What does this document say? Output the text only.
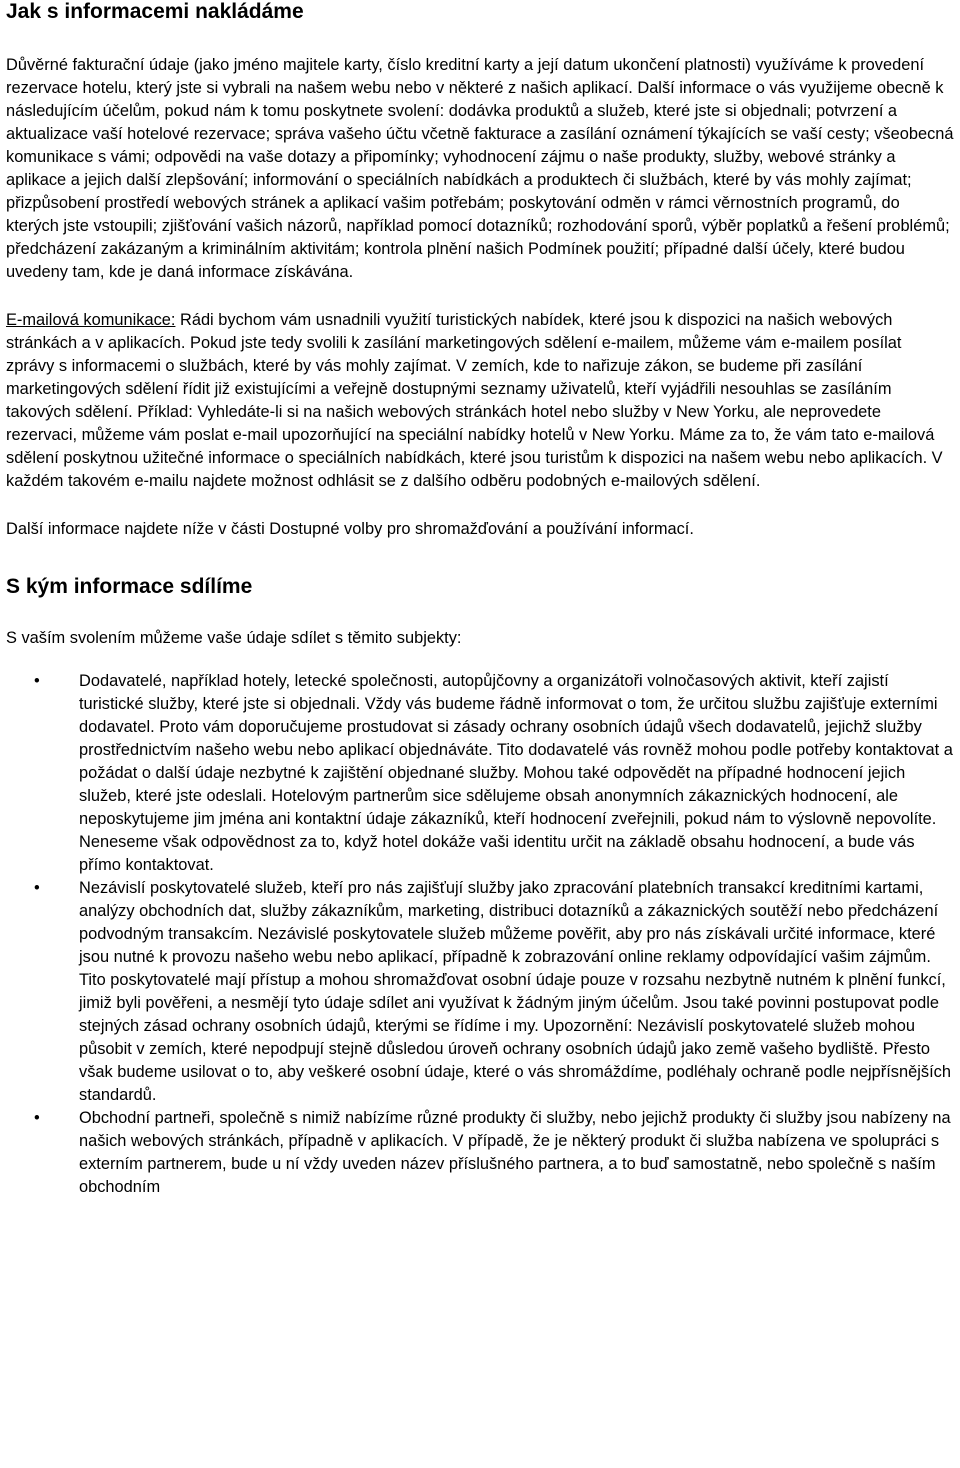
Jak s informacemi nakládáme

Důvěrné fakturační údaje (jako jméno majitele karty, číslo kreditní karty a její datum ukončení platnosti) využíváme k provedení rezervace hotelu, který jste si vybrali na našem webu nebo v některé z našich aplikací. Další informace o vás využijeme obecně k následujícím účelům, pokud nám k tomu poskytnete svolení: dodávka produktů a služeb, které jste si objednali; potvrzení a aktualizace vaší hotelové rezervace; správa vašeho účtu včetně fakturace a zasílání oznámení týkajících se vaší cesty; všeobecná komunikace s vámi; odpovědi na vaše dotazy a připomínky; vyhodnocení zájmu o naše produkty, služby, webové stránky a aplikace a jejich další zlepšování; informování o speciálních nabídkách a produktech či službách, které by vás mohly zajímat; přizpůsobení prostředí webových stránek a aplikací vašim potřebám; poskytování odměn v rámci věrnostních programů, do kterých jste vstoupili; zjišťování vašich názorů, například pomocí dotazníků; rozhodování sporů, výběr poplatků a řešení problémů; předcházení zakázaným a kriminálním aktivitám; kontrola plnění našich Podmínek použití; případné další účely, které budou uvedeny tam, kde je daná informace získávána.

E-mailová komunikace: Rádi bychom vám usnadnili využití turistických nabídek, které jsou k dispozici na našich webových stránkách a v aplikacích. Pokud jste tedy svolili k zasílání marketingových sdělení e-mailem, můžeme vám e-mailem posílat zprávy s informacemi o službách, které by vás mohly zajímat. V zemích, kde to nařizuje zákon, se budeme při zasílání marketingových sdělení řídit již existujícími a veřejně dostupnými seznamy uživatelů, kteří vyjádřili nesouhlas se zasíláním takových sdělení. Příklad: Vyhledáte-li si na našich webových stránkách hotel nebo služby v New Yorku, ale neprovedete rezervaci, můžeme vám poslat e-mail upozorňující na speciální nabídky hotelů v New Yorku. Máme za to, že vám tato e-mailová sdělení poskytnou užitečné informace o speciálních nabídkách, které jsou turistům k dispozici na našem webu nebo aplikacích. V každém takovém e-mailu najdete možnost odhlásit se z dalšího odběru podobných e-mailových sdělení.

Další informace najdete níže v části Dostupné volby pro shromažďování a používání informací.

S kým informace sdílíme

S vaším svolením můžeme vaše údaje sdílet s těmito subjekty:

• Dodavatelé, například hotely, letecké společnosti, autopůjčovny a organizátoři volnočasových aktivit, kteří zajistí turistické služby, které jste si objednali. Vždy vás budeme řádně informovat o tom, že určitou službu zajišťuje externími dodavatel. Proto vám doporučujeme prostudovat si zásady ochrany osobních údajů všech dodavatelů, jejichž služby prostřednictvím našeho webu nebo aplikací objednáváte. Tito dodavatelé vás rovněž mohou podle potřeby kontaktovat a požádat o další údaje nezbytné k zajištění objednané služby. Mohou také odpovědět na případné hodnocení jejich služeb, které jste odeslali. Hotelovým partnerům sice sdělujeme obsah anonymních zákaznických hodnocení, ale neposkytujeme jim jména ani kontaktní údaje zákazníků, kteří hodnocení zveřejnili, pokud nám to výslovně nepovolíte. Neneseme však odpovědnost za to, když hotel dokáže vaši identitu určit na základě obsahu hodnocení, a bude vás přímo kontaktovat.
• Nezávislí poskytovatelé služeb, kteří pro nás zajišťují služby jako zpracování platebních transakcí kreditními kartami, analýzy obchodních dat, služby zákazníkům, marketing, distribuci dotazníků a zákaznických soutěží nebo předcházení podvodným transakcím. Nezávislé poskytovatele služeb můžeme pověřit, aby pro nás získávali určité informace, které jsou nutné k provozu našeho webu nebo aplikací, případně k zobrazování online reklamy odpovídající vašim zájmům. Tito poskytovatelé mají přístup a mohou shromažďovat osobní údaje pouze v rozsahu nezbytně nutném k plnění funkcí, jimiž byli pověřeni, a nesmějí tyto údaje sdílet ani využívat k žádným jiným účelům. Jsou také povinni postupovat podle stejných zásad ochrany osobních údajů, kterými se řídíme i my. Upozornění: Nezávislí poskytovatelé služeb mohou působit v zemích, které nepodpují stejně důsledou úroveň ochrany osobních údajů jako země vašeho bydliště. Přesto však budeme usilovat o to, aby veškeré osobní údaje, které o vás shromáždíme, podléhaly ochraně podle nejpřísnějších standardů.
• Obchodní partneři, společně s nimiž nabízíme různé produkty či služby, nebo jejichž produkty či služby jsou nabízeny na našich webových stránkách, případně v aplikacích. V případě, že je některý produkt či služba nabízena ve spolupráci s externím partnerem, bude u ní vždy uveden název příslušného partnera, a to buď samostatně, nebo společně s naším obchodním
